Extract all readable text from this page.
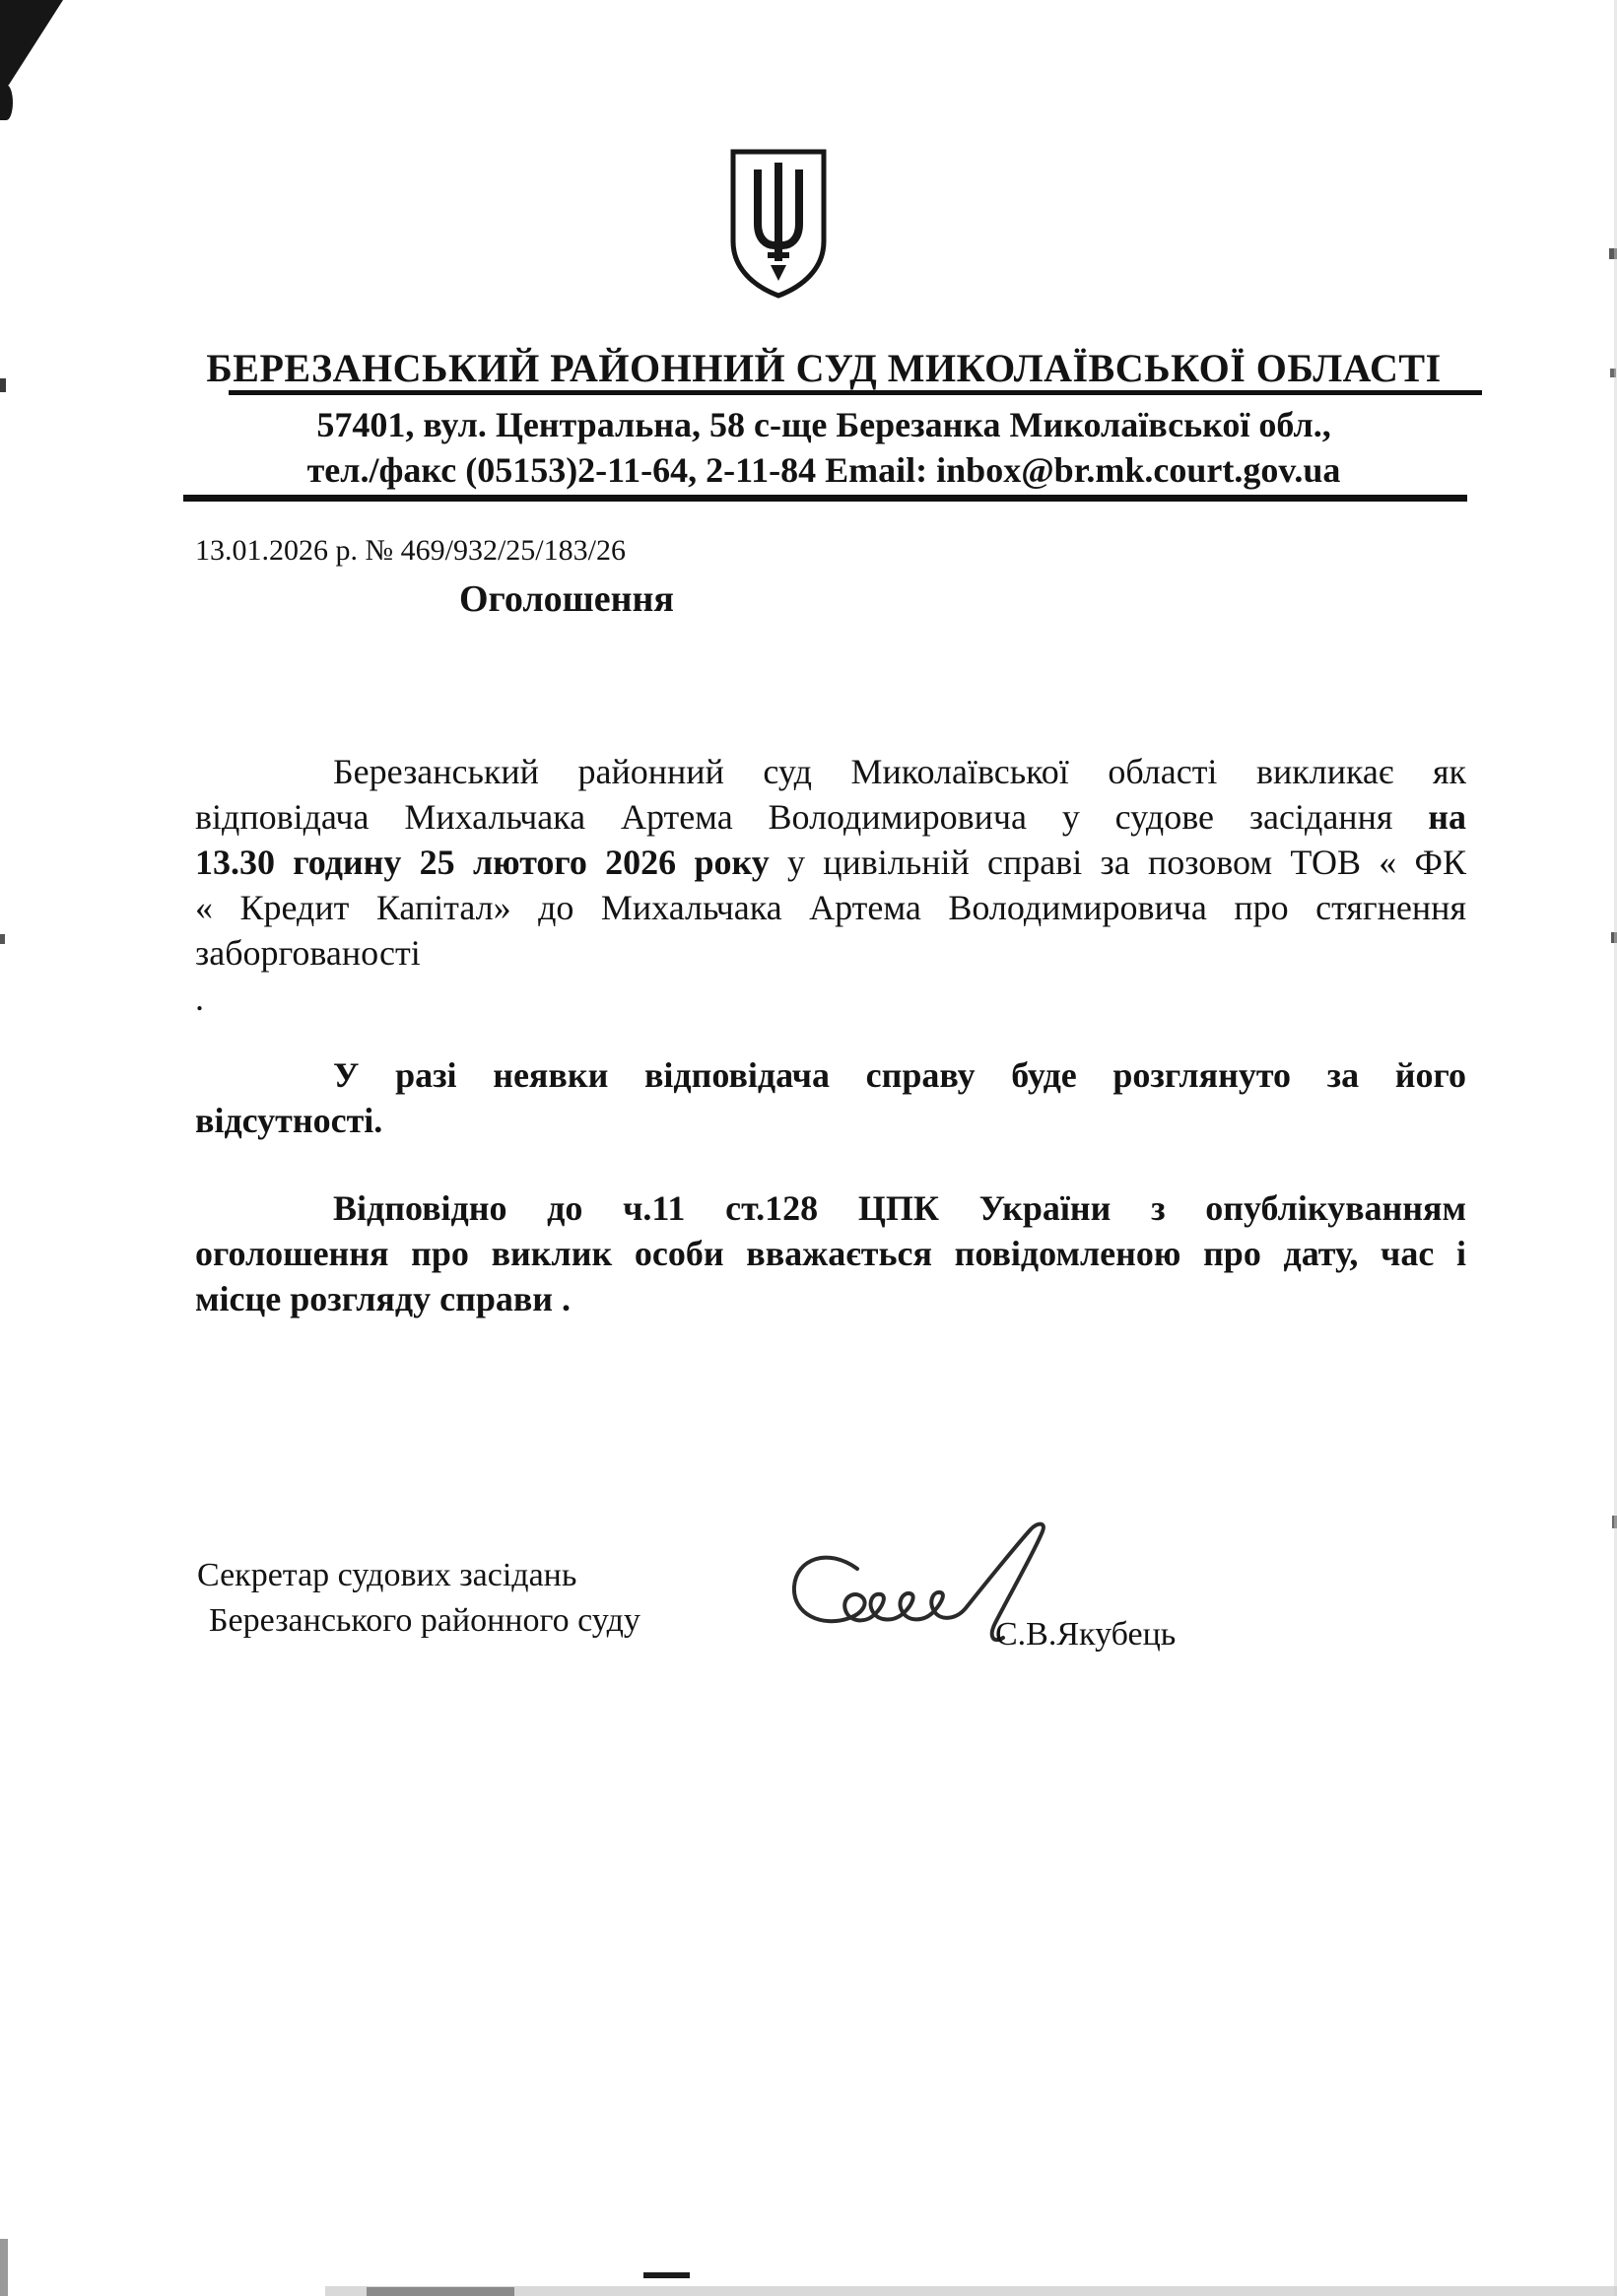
БЕРЕЗАНСЬКИЙ РАЙОННИЙ СУД МИКОЛАЇВСЬКОЇ ОБЛАСТІ
57401, вул. Центральна, 58 с-ще Березанка Миколаївської обл.,
тел./факс (05153)2-11-64, 2-11-84 Email: inbox@br.mk.court.gov.ua
13.01.2026 р. № 469/932/25/183/26
Оголошення
Березанський районний суд Миколаївської області викликає як
відповідача Михальчака Артема Володимировича у судове засідання на
13.30 годину 25 лютого 2026 року у цивільній справі за позовом ТОВ « ФК
« Кредит Капітал» до Михальчака Артема Володимировича про стягнення
заборгованості
.
У разі неявки відповідача справу буде розглянуто за його
відсутності.
Відповідно до ч.11 ст.128 ЦПК України з опублікуванням
оголошення про виклик особи вважається повідомленою про дату, час і
місце розгляду справи .
Секретар судових засідань
Березанського районного суду	С.В.Якубець
